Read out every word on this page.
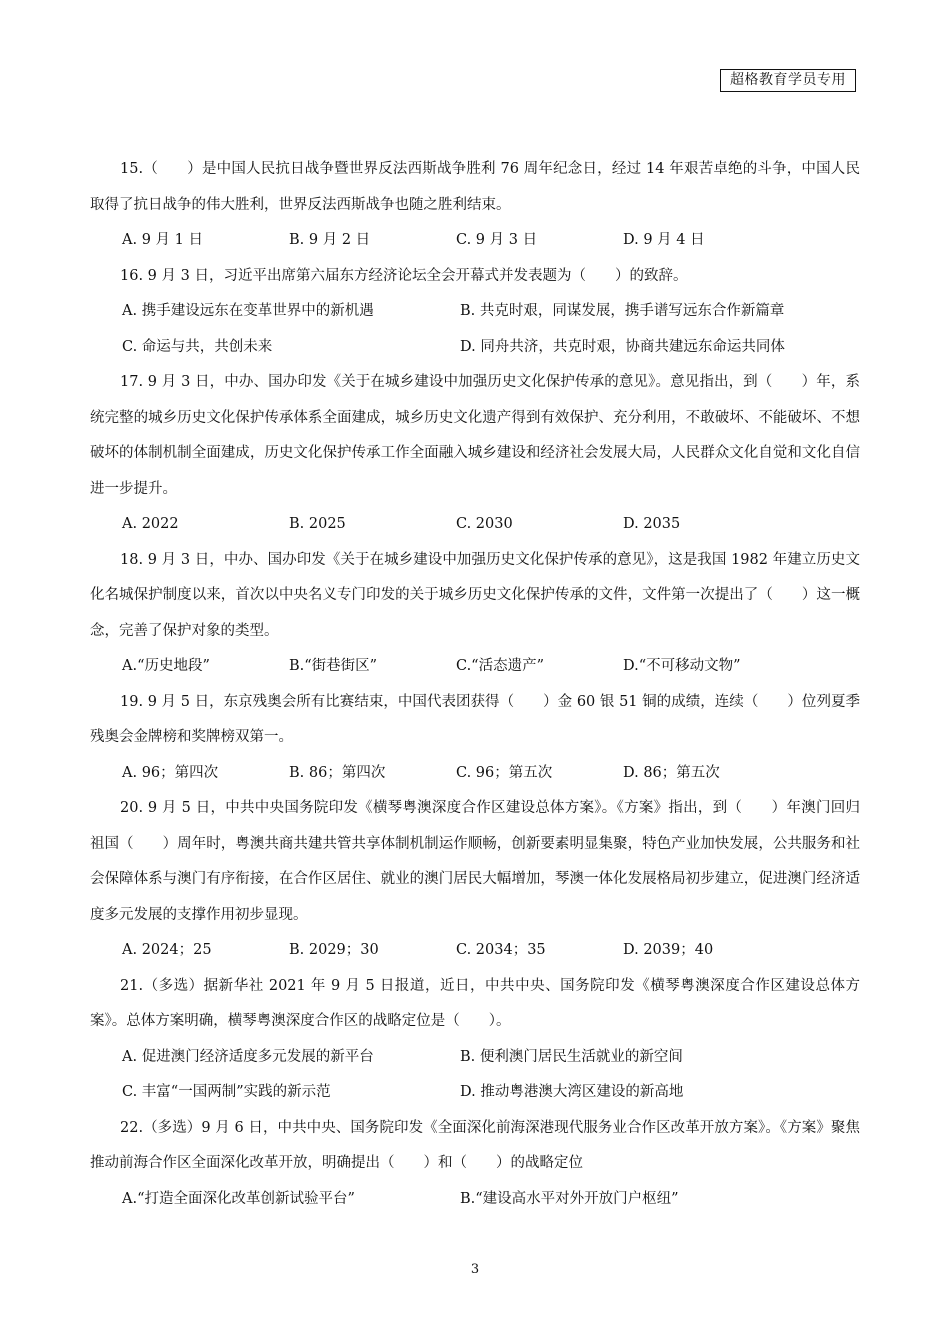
超格教育学员专用

15.（　　）是中国人民抗日战争暨世界反法西斯战争胜利 76 周年纪念日，经过 14 年艰苦卓绝的斗争，中国人民取得了抗日战争的伟大胜利，世界反法西斯战争也随之胜利结束。

A. 9 月 1 日	B. 9 月 2 日	C. 9 月 3 日	D. 9 月 4 日

16. 9 月 3 日，习近平出席第六届东方经济论坛全会开幕式并发表题为（　　）的致辞。

A. 携手建设远东在变革世界中的新机遇	B. 共克时艰，同谋发展，携手谱写远东合作新篇章
C. 命运与共，共创未来	D. 同舟共济，共克时艰，协商共建远东命运共同体

17. 9 月 3 日，中办、国办印发《关于在城乡建设中加强历史文化保护传承的意见》。意见指出，到（　　）年，系统完整的城乡历史文化保护传承体系全面建成，城乡历史文化遗产得到有效保护、充分利用，不敢破坏、不能破坏、不想破坏的体制机制全面建成，历史文化保护传承工作全面融入城乡建设和经济社会发展大局，人民群众文化自觉和文化自信进一步提升。

A. 2022	B. 2025	C. 2030	D. 2035

18. 9 月 3 日，中办、国办印发《关于在城乡建设中加强历史文化保护传承的意见》，这是我国 1982 年建立历史文化名城保护制度以来，首次以中央名义专门印发的关于城乡历史文化保护传承的文件，文件第一次提出了（　　）这一概念，完善了保护对象的类型。

A.“历史地段”	B.“街巷街区”	C.“活态遗产”	D.“不可移动文物”

19. 9 月 5 日，东京残奥会所有比赛结束，中国代表团获得（　　）金 60 银 51 铜的成绩，连续（　　）位列夏季残奥会金牌榜和奖牌榜双第一。

A. 96；第四次	B. 86；第四次	C. 96；第五次	D. 86；第五次

20. 9 月 5 日，中共中央国务院印发《横琴粤澳深度合作区建设总体方案》。《方案》指出，到（　　）年澳门回归祖国（　　）周年时，粤澳共商共建共管共享体制机制运作顺畅，创新要素明显集聚，特色产业加快发展，公共服务和社会保障体系与澳门有序衔接，在合作区居住、就业的澳门居民大幅增加，琴澳一体化发展格局初步建立，促进澳门经济适度多元发展的支撑作用初步显现。

A. 2024；25	B. 2029；30	C. 2034；35	D. 2039；40

21.（多选）据新华社 2021 年 9 月 5 日报道，近日，中共中央、国务院印发《横琴粤澳深度合作区建设总体方案》。总体方案明确，横琴粤澳深度合作区的战略定位是（　　）。

A. 促进澳门经济适度多元发展的新平台	B. 便利澳门居民生活就业的新空间
C. 丰富“一国两制”实践的新示范	D. 推动粤港澳大湾区建设的新高地

22.（多选）9 月 6 日，中共中央、国务院印发《全面深化前海深港现代服务业合作区改革开放方案》。《方案》聚焦推动前海合作区全面深化改革开放，明确提出（　　）和（　　）的战略定位

A.“打造全面深化改革创新试验平台”	B.“建设高水平对外开放门户枢纽”
3
